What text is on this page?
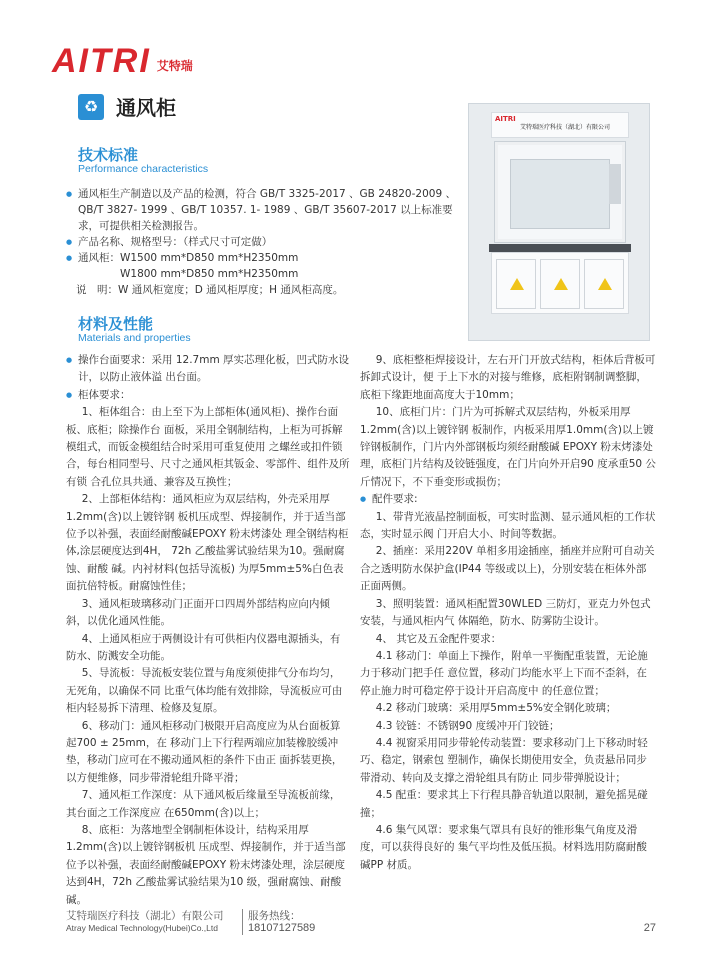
AITRI 艾特瑞
♻ 通风柜
技术标准
Performance characteristics

● 通风柜生产制造以及产品的检测，符合 GB/T 3325-2017 、GB 24820-2009 、QB/T 3827- 1999 、GB/T 10357. 1- 1989 、GB/T 35607-2017 以上标准要求，可提供相关检测报告。

● 产品名称、规格型号：（样式尺寸可定做）

● 通风柜：W1500 mm*D850 mm*H2350mm

W1800 mm*D850 mm*H2350mm

说　明：W 通风柜宽度；D 通风柜厚度；H 通风柜高度。

材料及性能
Materials and properties
AITRI
艾特瑞医疗科技（湖北）有限公司

● 操作台面要求：采用 12.7mm 厚实芯理化板，凹式防水设计，以防止液体溢 出台面。

● 柜体要求：

1、柜体组合：由上至下为上部柜体(通风柜)、操作台面板、底柜；除操作台 面板，采用全钢制结构，上柜为可拆解模组式，而钣金模组结合时采用可重复使用 之螺丝或扣件锁合，每台相同型号、尺寸之通风柜其钣金、零部件、组件及所有锁 合孔位具共通、兼容及互换性；

2、上部柜体结构：通风柜应为双层结构，外壳采用厚1.2mm(含)以上镀锌钢 板机压成型、焊接制作，并于适当部位予以补强，表面经耐酸碱EPOXY 粉末烤漆处 理全钢结构柜体,涂层硬度达到4H， 72h 乙酸盐雾试验结果为10。强耐腐蚀、耐酸 碱。内衬材料(包括导流板) 为厚5mm±5%白色表面抗倍特板。耐腐蚀性佳；

3、通风柜玻璃移动门正面开口四周外部结构应向内倾斜，以优化通风性能。

4、上通风柜应于两侧设计有可供柜内仪器电源插头，有防水、防溅安全功能。

5、导流板：导流板安装位置与角度须使排气分布均匀，无死角，以确保不同 比重气体均能有效排除，导流板应可由柜内轻易拆下清理、检修及复原。

6、移动门：通风柜移动门极限开启高度应为从台面板算起700 ± 25mm，在 移动门上下行程两端应加装橡胶缓冲垫，移动门应可在不搬动通风柜的条件下由正 面拆装更换，以方便维修，同步带滑轮组升降平滑；

7、通风柜工作深度：从下通风板后缘量至导流板前缘，其台面之工作深度应 在650mm(含)以上；

8、底柜：为落地型全钢制柜体设计，结构采用厚1.2mm(含)以上镀锌钢板机 压成型、焊接制作，并于适当部位予以补强，表面经耐酸碱EPOXY 粉末烤漆处理，涂层硬度达到4H，72h 乙酸盐雾试验结果为10 级，强耐腐蚀、耐酸碱。

9、底柜整柜焊接设计，左右开门开放式结构，柜体后背板可拆卸式设计，便 于上下水的对接与维修，底柜附钢制调整脚，底柜下缘距地面高度大于10mm；

10、底柜门片：门片为可拆解式双层结构，外板采用厚1.2mm(含)以上镀锌钢 板制作，内板采用厚1.0mm(含)以上镀锌钢板制作，门片内外部钢板均须经耐酸碱 EPOXY 粉末烤漆处理，底柜门片结构及铰链强度，在门片向外开启90 度承重50 公 斤情况下，不下垂变形或损伤；

● 配件要求:

1、带背光液晶控制面板，可实时监测、显示通风柜的工作状态，实时显示阀 门开启大小、时间等数据。

2、插座：采用220V 单相多用途插座，插座并应附可自动关合之透明防水保护盒(IP44 等级或以上)，分别安装在柜体外部正面两侧。

3、照明装置：通风柜配置30WLED 三防灯，亚克力外包式安装，与通风柜内气 体隔绝，防水、防雾防尘设计。

4、 其它及五金配件要求：

4.1 移动门：单面上下操作，附单一平衡配重装置，无论施力于移动门把手任 意位置，移动门均能水平上下而不歪斜，在停止施力时可稳定停于设计开启高度中 的任意位置；

4.2 移动门玻璃：采用厚5mm±5%安全钢化玻璃；

4.3 铰链：不锈钢90 度缓冲开门铰链；

4.4 视窗采用同步带轮传动装置：要求移动门上下移动时轻巧、稳定，钢索包 塑制作，确保长期使用安全，负责悬吊同步带滑动、转向及支撑之滑轮组具有防止 同步带弹脱设计；

4.5 配重：要求其上下行程具静音轨道以限制，避免摇晃碰撞；

4.6 集气风罩：要求集气罩具有良好的锥形集气角度及滑度，可以获得良好的 集气平均性及低压损。材料选用防腐耐酸碱PP 材质。

艾特瑞医疗科技（湖北）有限公司
Atray Medical Technology(Hubei)Co.,Ltd
服务热线：
18107127589	27
